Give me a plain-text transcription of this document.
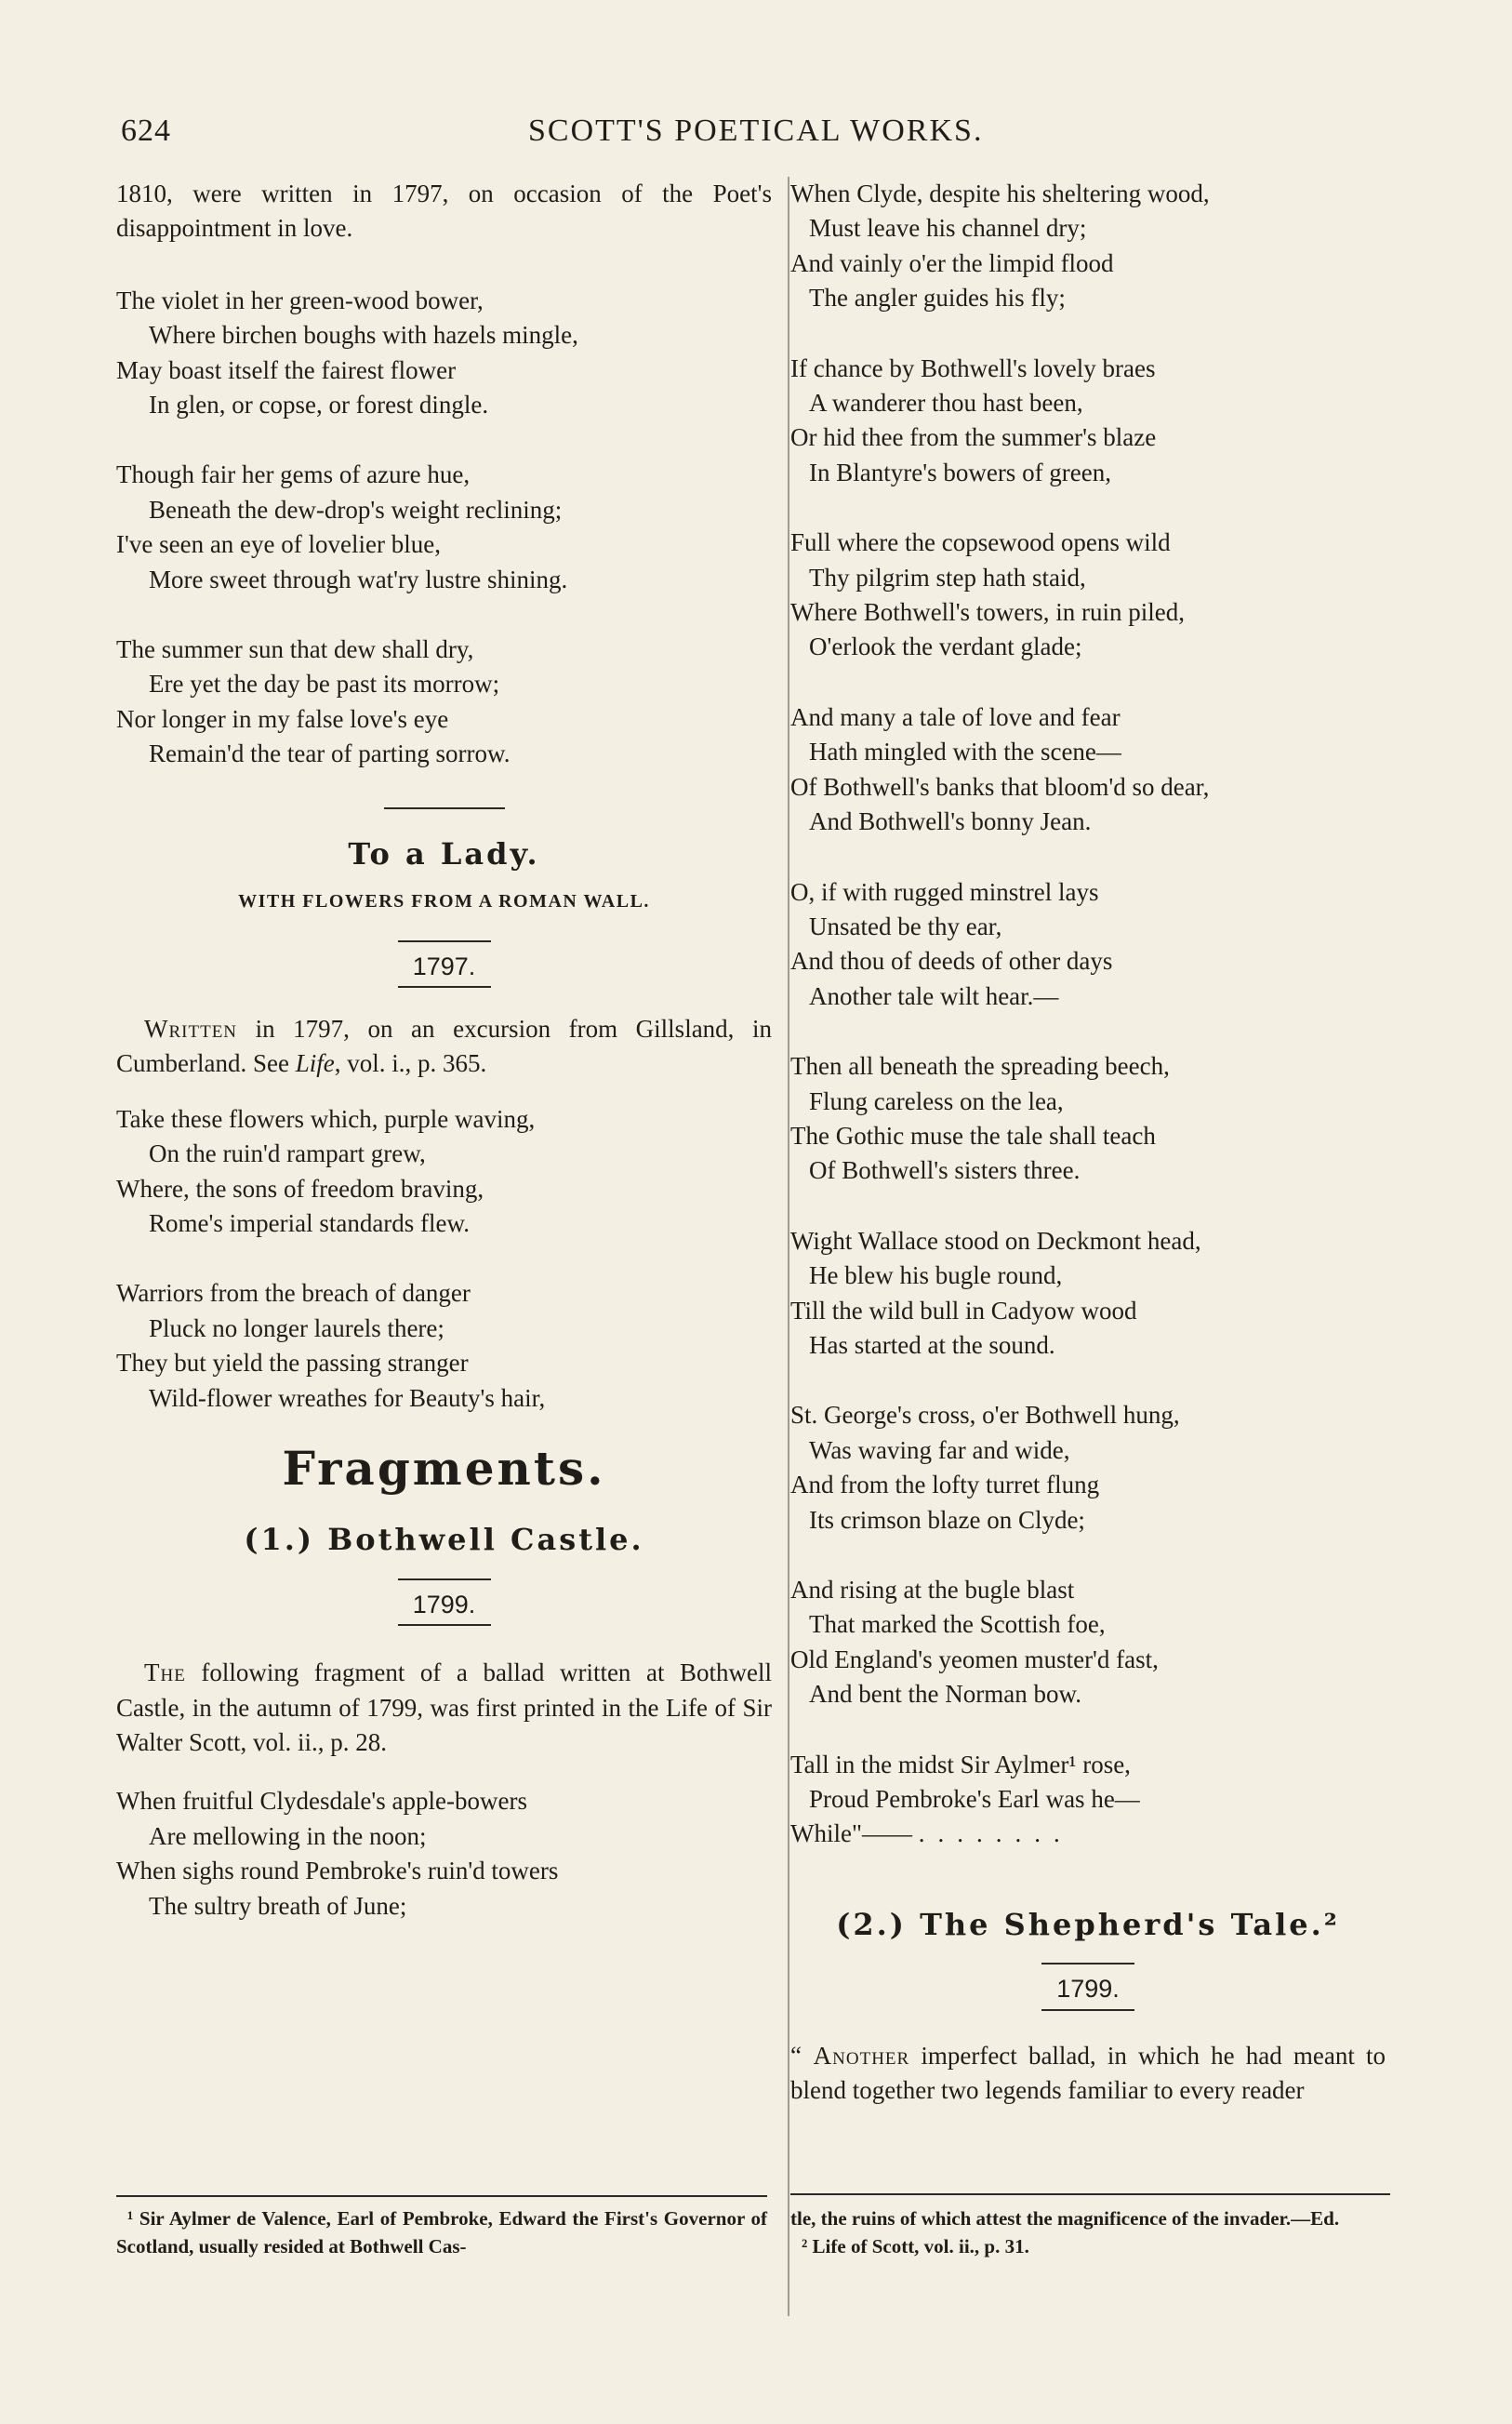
624	SCOTT'S POETICAL WORKS.

1810, were written in 1797, on occasion of the Poet's disappointment in love.

The violet in her green-wood bower,
Where birchen boughs with hazels mingle,
May boast itself the fairest flower
In glen, or copse, or forest dingle.
Though fair her gems of azure hue,
Beneath the dew-drop's weight reclining;
I've seen an eye of lovelier blue,
More sweet through wat'ry lustre shining.
The summer sun that dew shall dry,
Ere yet the day be past its morrow;
Nor longer in my false love's eye
Remain'd the tear of parting sorrow.

To a Lady.

WITH FLOWERS FROM A ROMAN WALL.

1797.

Written in 1797, on an excursion from Gillsland, in Cumberland. See Life, vol. i., p. 365.

Take these flowers which, purple waving,
On the ruin'd rampart grew,
Where, the sons of freedom braving,
Rome's imperial standards flew.
Warriors from the breach of danger
Pluck no longer laurels there;
They but yield the passing stranger
Wild-flower wreathes for Beauty's hair,

Fragments.

(1.) Bothwell Castle.

1799.

The following fragment of a ballad written at Bothwell Castle, in the autumn of 1799, was first printed in the Life of Sir Walter Scott, vol. ii., p. 28.

When fruitful Clydesdale's apple-bowers
Are mellowing in the noon;
When sighs round Pembroke's ruin'd towers
The sultry breath of June;
When Clyde, despite his sheltering wood,
Must leave his channel dry;
And vainly o'er the limpid flood
The angler guides his fly;
If chance by Bothwell's lovely braes
A wanderer thou hast been,
Or hid thee from the summer's blaze
In Blantyre's bowers of green,
Full where the copsewood opens wild
Thy pilgrim step hath staid,
Where Bothwell's towers, in ruin piled,
O'erlook the verdant glade;
And many a tale of love and fear
Hath mingled with the scene—
Of Bothwell's banks that bloom'd so dear,
And Bothwell's bonny Jean.
O, if with rugged minstrel lays
Unsated be thy ear,
And thou of deeds of other days
Another tale wilt hear.—
Then all beneath the spreading beech,
Flung careless on the lea,
The Gothic muse the tale shall teach
Of Bothwell's sisters three.
Wight Wallace stood on Deckmont head,
He blew his bugle round,
Till the wild bull in Cadyow wood
Has started at the sound.
St. George's cross, o'er Bothwell hung,
Was waving far and wide,
And from the lofty turret flung
Its crimson blaze on Clyde;
And rising at the bugle blast
That marked the Scottish foe,
Old England's yeomen muster'd fast,
And bent the Norman bow.
Tall in the midst Sir Aylmer¹ rose,
Proud Pembroke's Earl was he—
While"—— ........

(2.) The Shepherd's Tale.²

1799.

“ Another imperfect ballad, in which he had meant to blend together two legends familiar to every reader

¹ Sir Aylmer de Valence, Earl of Pembroke, Edward the First's Governor of Scotland, usually resided at Bothwell Cas-
tle, the ruins of which attest the magnificence of the invader.—Ed.
² Life of Scott, vol. ii., p. 31.
